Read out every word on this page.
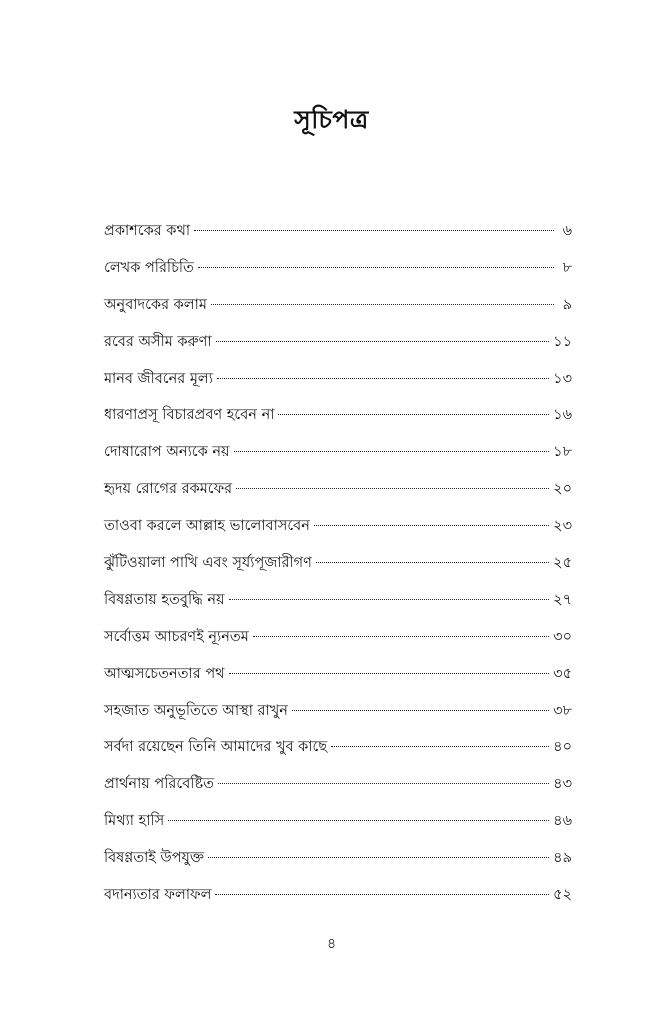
সূচিপত্র
প্রকাশকের কথা	৬
লেখক পরিচিতি	৮
অনুবাদকের কলাম	৯
রবের অসীম করুণা	১১
মানব জীবনের মূল্য	১৩
ধারণাপ্রসূ বিচারপ্রবণ হবেন না	১৬
দোষারোপ অন্যকে নয়	১৮
হৃদয় রোগের রকমফের	২০
তাওবা করলে আল্লাহ ভালোবাসবেন	২৩
ঝুঁটিওয়ালা পাখি এবং সূর্য্যপূজারীগণ	২৫
বিষণ্ণতায় হতবুদ্ধি নয়	২৭
সর্বোত্তম আচরণই ন্যূনতম	৩০
আত্মসচেতনতার পথ	৩৫
সহজাত অনুভূতিতে আস্থা রাখুন	৩৮
সর্বদা রয়েছেন তিনি আমাদের খুব কাছে	৪০
প্রার্থনায় পরিবেষ্টিত	৪৩
মিথ্যা হাসি	৪৬
বিষণ্ণতাই উপযুক্ত	৪৯
বদান্যতার ফলাফল	৫২
৪
